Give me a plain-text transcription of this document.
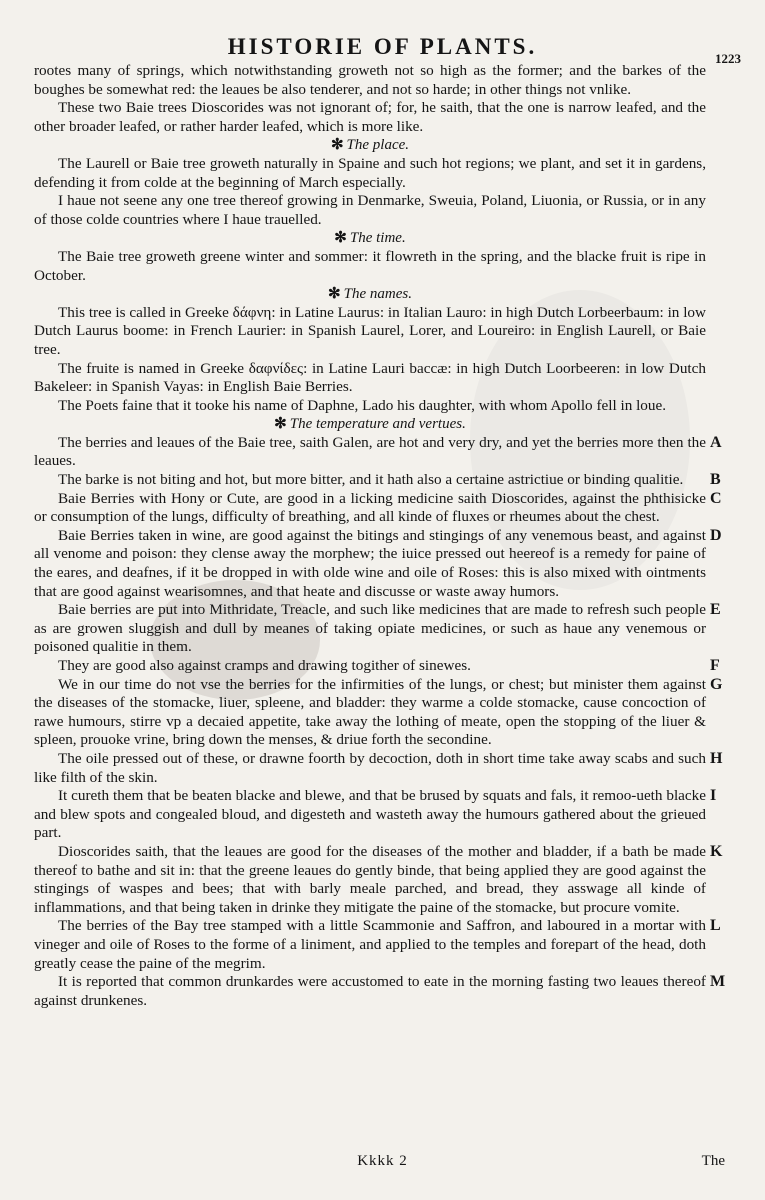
HISTORIE OF PLANTS.	1223

rootes many of springs, which notwithstanding groweth not so high as the former; and the barkes of the boughes be somewhat red: the leaues be also tenderer, and not so harde; in other things not vnlike.

These two Baie trees Dioscorides was not ignorant of; for, he saith, that the one is narrow leafed, and the other broader leafed, or rather harder leafed, which is more like.

✻ The place.

The Laurell or Baie tree groweth naturally in Spaine and such hot regions; we plant, and set it in gardens, defending it from colde at the beginning of March especially.

I haue not seene any one tree thereof growing in Denmarke, Sweuia, Poland, Liuonia, or Russia, or in any of those colde countries where I haue trauelled.

✻ The time.

The Baie tree groweth greene winter and sommer: it flowreth in the spring, and the blacke fruit is ripe in October.

✻ The names.

This tree is called in Greeke δάφνη: in Latine Laurus: in Italian Lauro: in high Dutch Lorbeerbaum: in low Dutch Laurus boome: in French Laurier: in Spanish Laurel, Lorer, and Loureiro: in English Laurell, or Baie tree.

The fruite is named in Greeke δαφνίδες: in Latine Lauri baccæ: in high Dutch Loorbeeren: in low Dutch Bakeleer: in Spanish Vayas: in English Baie Berries.

The Poets faine that it tooke his name of Daphne, Lado his daughter, with whom Apollo fell in loue.

✻ The temperature and vertues.

The berries and leaues of the Baie tree, saith Galen, are hot and very dry, and yet the berries more then the leaues.

The barke is not biting and hot, but more bitter, and it hath also a certaine astrictiue or binding qualitie.

Baie Berries with Hony or Cute, are good in a licking medicine saith Dioscorides, against the phthisicke or consumption of the lungs, difficulty of breathing, and all kinde of fluxes or rheumes about the chest.

Baie Berries taken in wine, are good against the bitings and stingings of any venemous beast, and against all venome and poison: they clense away the morphew; the iuice pressed out heereof is a remedy for paine of the eares, and deafnes, if it be dropped in with olde wine and oile of Roses: this is also mixed with ointments that are good against wearisomnes, and that heate and discusse or waste away humors.

Baie berries are put into Mithridate, Treacle, and such like medicines that are made to refresh such people as are growen sluggish and dull by meanes of taking opiate medicines, or such as haue any venemous or poisoned qualitie in them.

They are good also against cramps and drawing togither of sinewes.

We in our time do not vse the berries for the infirmities of the lungs, or chest; but minister them against the diseases of the stomacke, liuer, spleene, and bladder: they warme a colde stomacke, cause concoction of rawe humours, stirre vp a decaied appetite, take away the lothing of meate, open the stopping of the liuer & spleen, prouoke vrine, bring down the menses, & driue forth the secondine.

The oile pressed out of these, or drawne foorth by decoction, doth in short time take away scabs and such like filth of the skin.

It cureth them that be beaten blacke and blewe, and that be brused by squats and fals, it remoo-ueth blacke and blew spots and congealed bloud, and digesteth and wasteth away the humours gathered about the grieued part.

Dioscorides saith, that the leaues are good for the diseases of the mother and bladder, if a bath be made thereof to bathe and sit in: that the greene leaues do gently binde, that being applied they are good against the stingings of waspes and bees; that with barly meale parched, and bread, they asswage all kinde of inflammations, and that being taken in drinke they mitigate the paine of the stomacke, but procure vomite.

The berries of the Bay tree stamped with a little Scammonie and Saffron, and laboured in a mortar with vineger and oile of Roses to the forme of a liniment, and applied to the temples and forepart of the head, doth greatly cease the paine of the megrim.

It is reported that common drunkardes were accustomed to eate in the morning fasting two leaues thereof against drunkenes.

A
B
C
D
E
F
G
H
I
K
L
M
Kkkk 2	The
